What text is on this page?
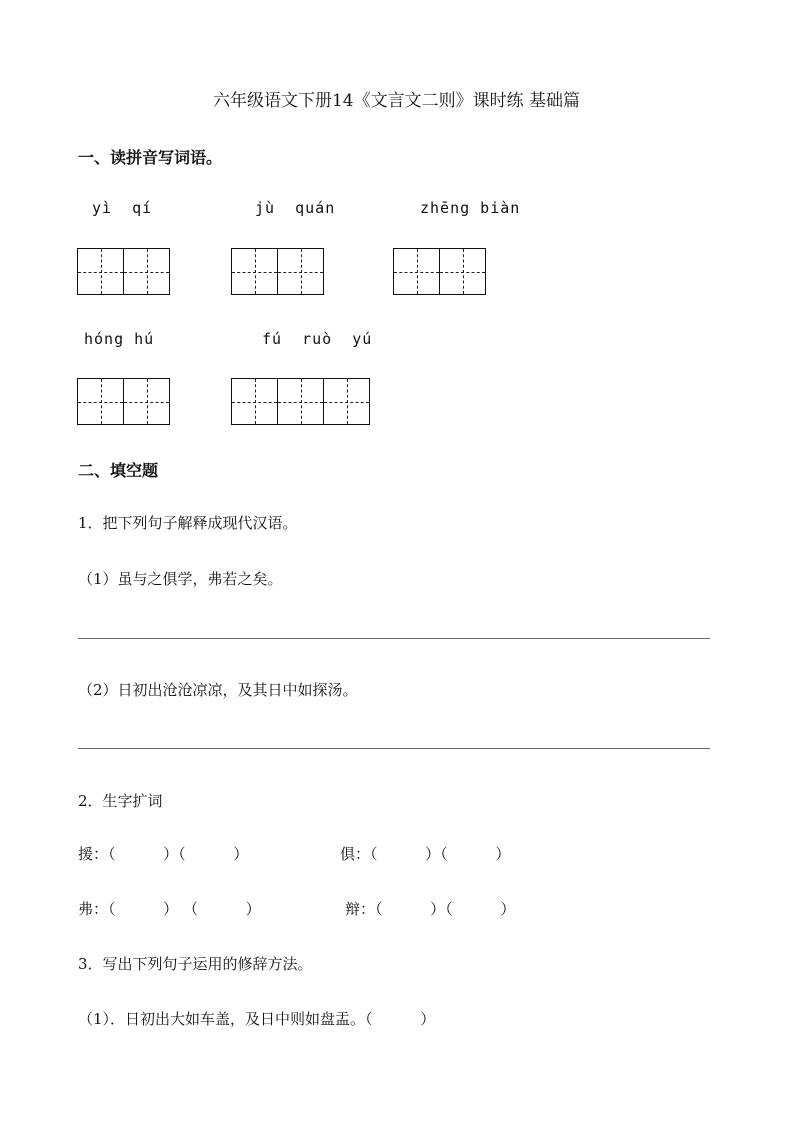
六年级语文下册14《文言文二则》课时练 基础篇
一、读拼音写词语。
yì  qí	jù  quán	zhēng biàn
hóng hú	fú  ruò  yú
二、填空题
1．把下列句子解释成现代汉语。
（1）虽与之俱学，弗若之矣。
（2）日初出沧沧凉凉，及其日中如探汤。
2．生字扩词
援：（          ）（          ）	俱：（          ）（          ）
弗：（          ） （          ）	辩：（          ）（          ）
3．写出下列句子运用的修辞方法。
（1）．日初出大如车盖，及日中则如盘盂。（          ）
